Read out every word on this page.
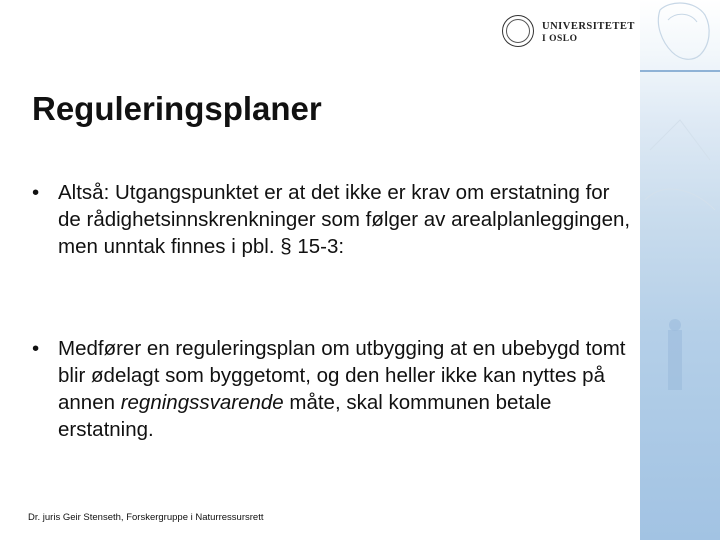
UNIVERSITETET
I OSLO
Reguleringsplaner
• Altså: Utgangspunktet er at det ikke er krav om erstatning for de rådighetsinnskrenkninger som følger av arealplanleggingen, men unntak finnes i pbl. § 15-3:
• Medfører en reguleringsplan om utbygging at en ubebygd tomt blir ødelagt som byggetomt, og den heller ikke kan nyttes på annen regningssvarende måte, skal kommunen betale erstatning.
Dr. juris Geir Stenseth, Forskergruppe i Naturressursrett
